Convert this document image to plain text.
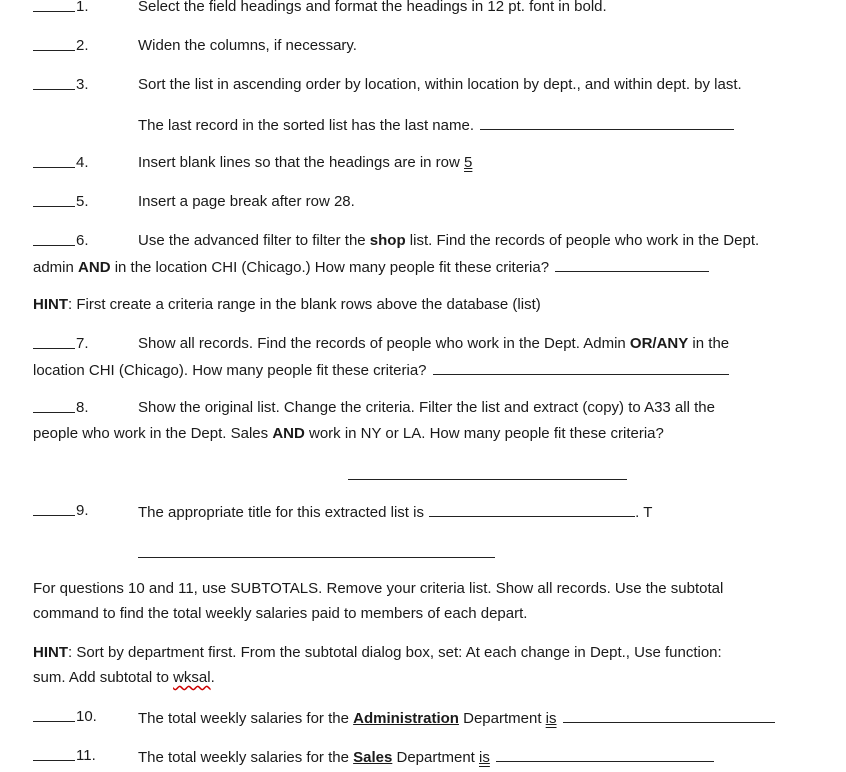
1.	Select the field headings and format the headings in 12 pt. font in bold.
2.	Widen the columns, if necessary.
3.	Sort the list in ascending order by location, within location by dept., and within dept. by last.
The last record in the sorted list has the last name.
4.	Insert blank lines so that the headings are in row 5
5.	Insert a page break after row 28.
6.	Use the advanced filter to filter the shop list. Find the records of people who work in the Dept.
admin AND in the location CHI (Chicago.) How many people fit these criteria?
HINT: First create a criteria range in the blank rows above the database (list)
7.	Show all records. Find the records of people who work in the Dept. Admin OR/ANY in the
location CHI (Chicago). How many people fit these criteria?
8.	Show the original list. Change the criteria. Filter the list and extract (copy) to A33 all the
people who work in the Dept. Sales AND work in NY or LA. How many people fit these criteria?
9.	The appropriate title for this extracted list is	. T
For questions 10 and 11, use SUBTOTALS. Remove your criteria list. Show all records. Use the subtotal
command to find the total weekly salaries paid to members of each depart.
HINT: Sort by department first. From the subtotal dialog box, set: At each change in Dept., Use function:
sum. Add subtotal to wksal.
10.	The total weekly salaries for the Administration Department is
11.	The total weekly salaries for the Sales Department is
